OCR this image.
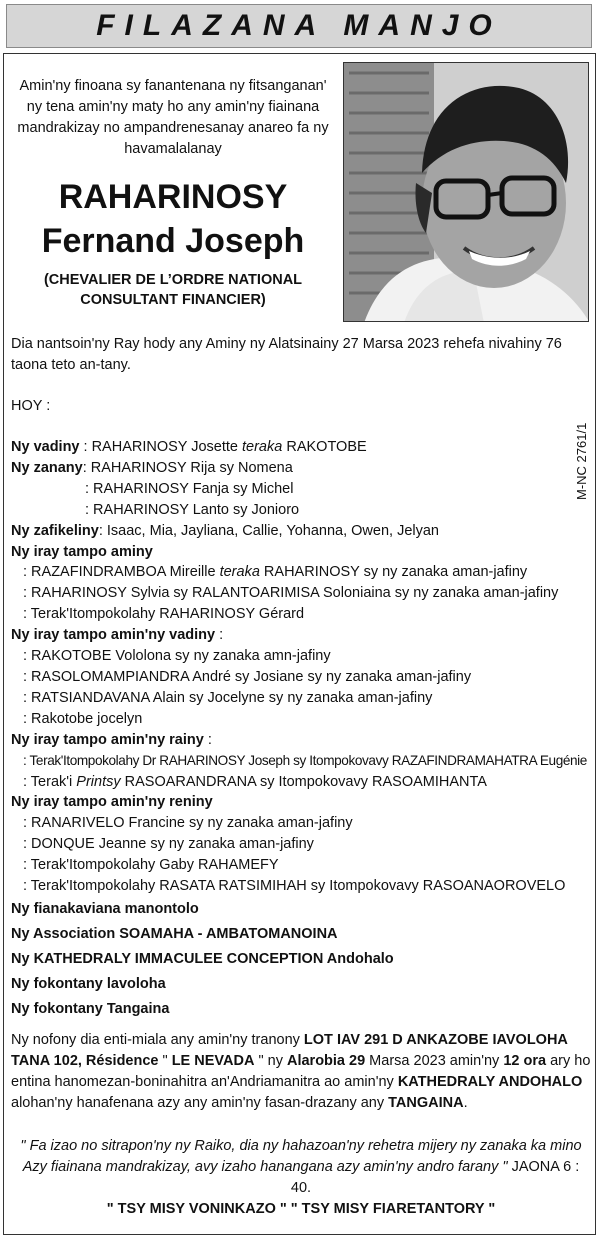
FILAZANA MANJO
Amin'ny finoana sy fanantenana ny fitsanganan' ny tena amin'ny maty ho any amin'ny fiainana mandrakizay no ampandrenesanay anareo fa ny havamalalanay
RAHARINOSY
Fernand Joseph
(CHEVALIER DE L’ORDRE NATIONAL
CONSULTANT FINANCIER)
Dia nantsoin'ny Ray hody any Aminy ny Alatsinainy 27 Marsa 2023 rehefa nivahiny 76 taona teto an-tany.
HOY :
M-NC 2761/1
Ny vadiny : RAHARINOSY Josette teraka RAKOTOBE
Ny zanany: RAHARINOSY Rija sy Nomena
: RAHARINOSY Fanja sy Michel
: RAHARINOSY Lanto sy Jonioro
Ny zafikeliny: Isaac, Mia, Jayliana, Callie, Yohanna, Owen, Jelyan
Ny iray tampo aminy
: RAZAFINDRAMBOA Mireille teraka RAHARINOSY sy ny zanaka aman-jafiny
: RAHARINOSY Sylvia sy RALANTOARIMISA Soloniaina sy ny zanaka aman-jafiny
: Terak'Itompokolahy RAHARINOSY Gérard
Ny iray tampo amin'ny vadiny :
: RAKOTOBE Vololona sy ny zanaka amn-jafiny
: RASOLOMAMPIANDRA André sy Josiane sy ny zanaka aman-jafiny
: RATSIANDAVANA Alain sy Jocelyne sy ny zanaka aman-jafiny
: Rakotobe jocelyn
Ny iray tampo amin'ny rainy :
: Terak'Itompokolahy Dr RAHARINOSY Joseph sy Itompokovavy RAZAFINDRAMAHATRA Eugénie
: Terak'i Printsy RASOARANDRANA sy Itompokovavy RASOAMIHANTA
Ny iray tampo amin'ny reniny
: RANARIVELO Francine sy ny zanaka aman-jafiny
: DONQUE Jeanne sy ny zanaka aman-jafiny
: Terak'Itompokolahy Gaby RAHAMEFY
: Terak'Itompokolahy RASATA RATSIMIHAH sy Itompokovavy RASOANAOROVELO
Ny fianakaviana manontolo
Ny Association SOAMAHA - AMBATOMANOINA
Ny KATHEDRALY IMMACULEE CONCEPTION Andohalo
Ny fokontany lavoloha
Ny fokontany Tangaina
Ny nofony dia enti-miala any amin'ny tranony LOT IAV 291 D ANKAZOBE IAVOLOHA TANA 102, Résidence " LE NEVADA " ny Alarobia 29 Marsa 2023 amin'ny 12 ora ary ho entina hanomezan-boninahitra an'Andriamanitra ao amin'ny KATHEDRALY ANDOHALO alohan'ny hanafenana azy any amin'ny fasan-drazany any TANGAINA.
" Fa izao no sitrapon'ny ny Raiko, dia ny hahazoan'ny rehetra mijery ny zanaka ka mino Azy fiainana mandrakizay, avy izaho hanangana azy amin'ny andro farany " JAONA 6 : 40.
" TSY MISY VONINKAZO " " TSY MISY FIARETANTORY "
